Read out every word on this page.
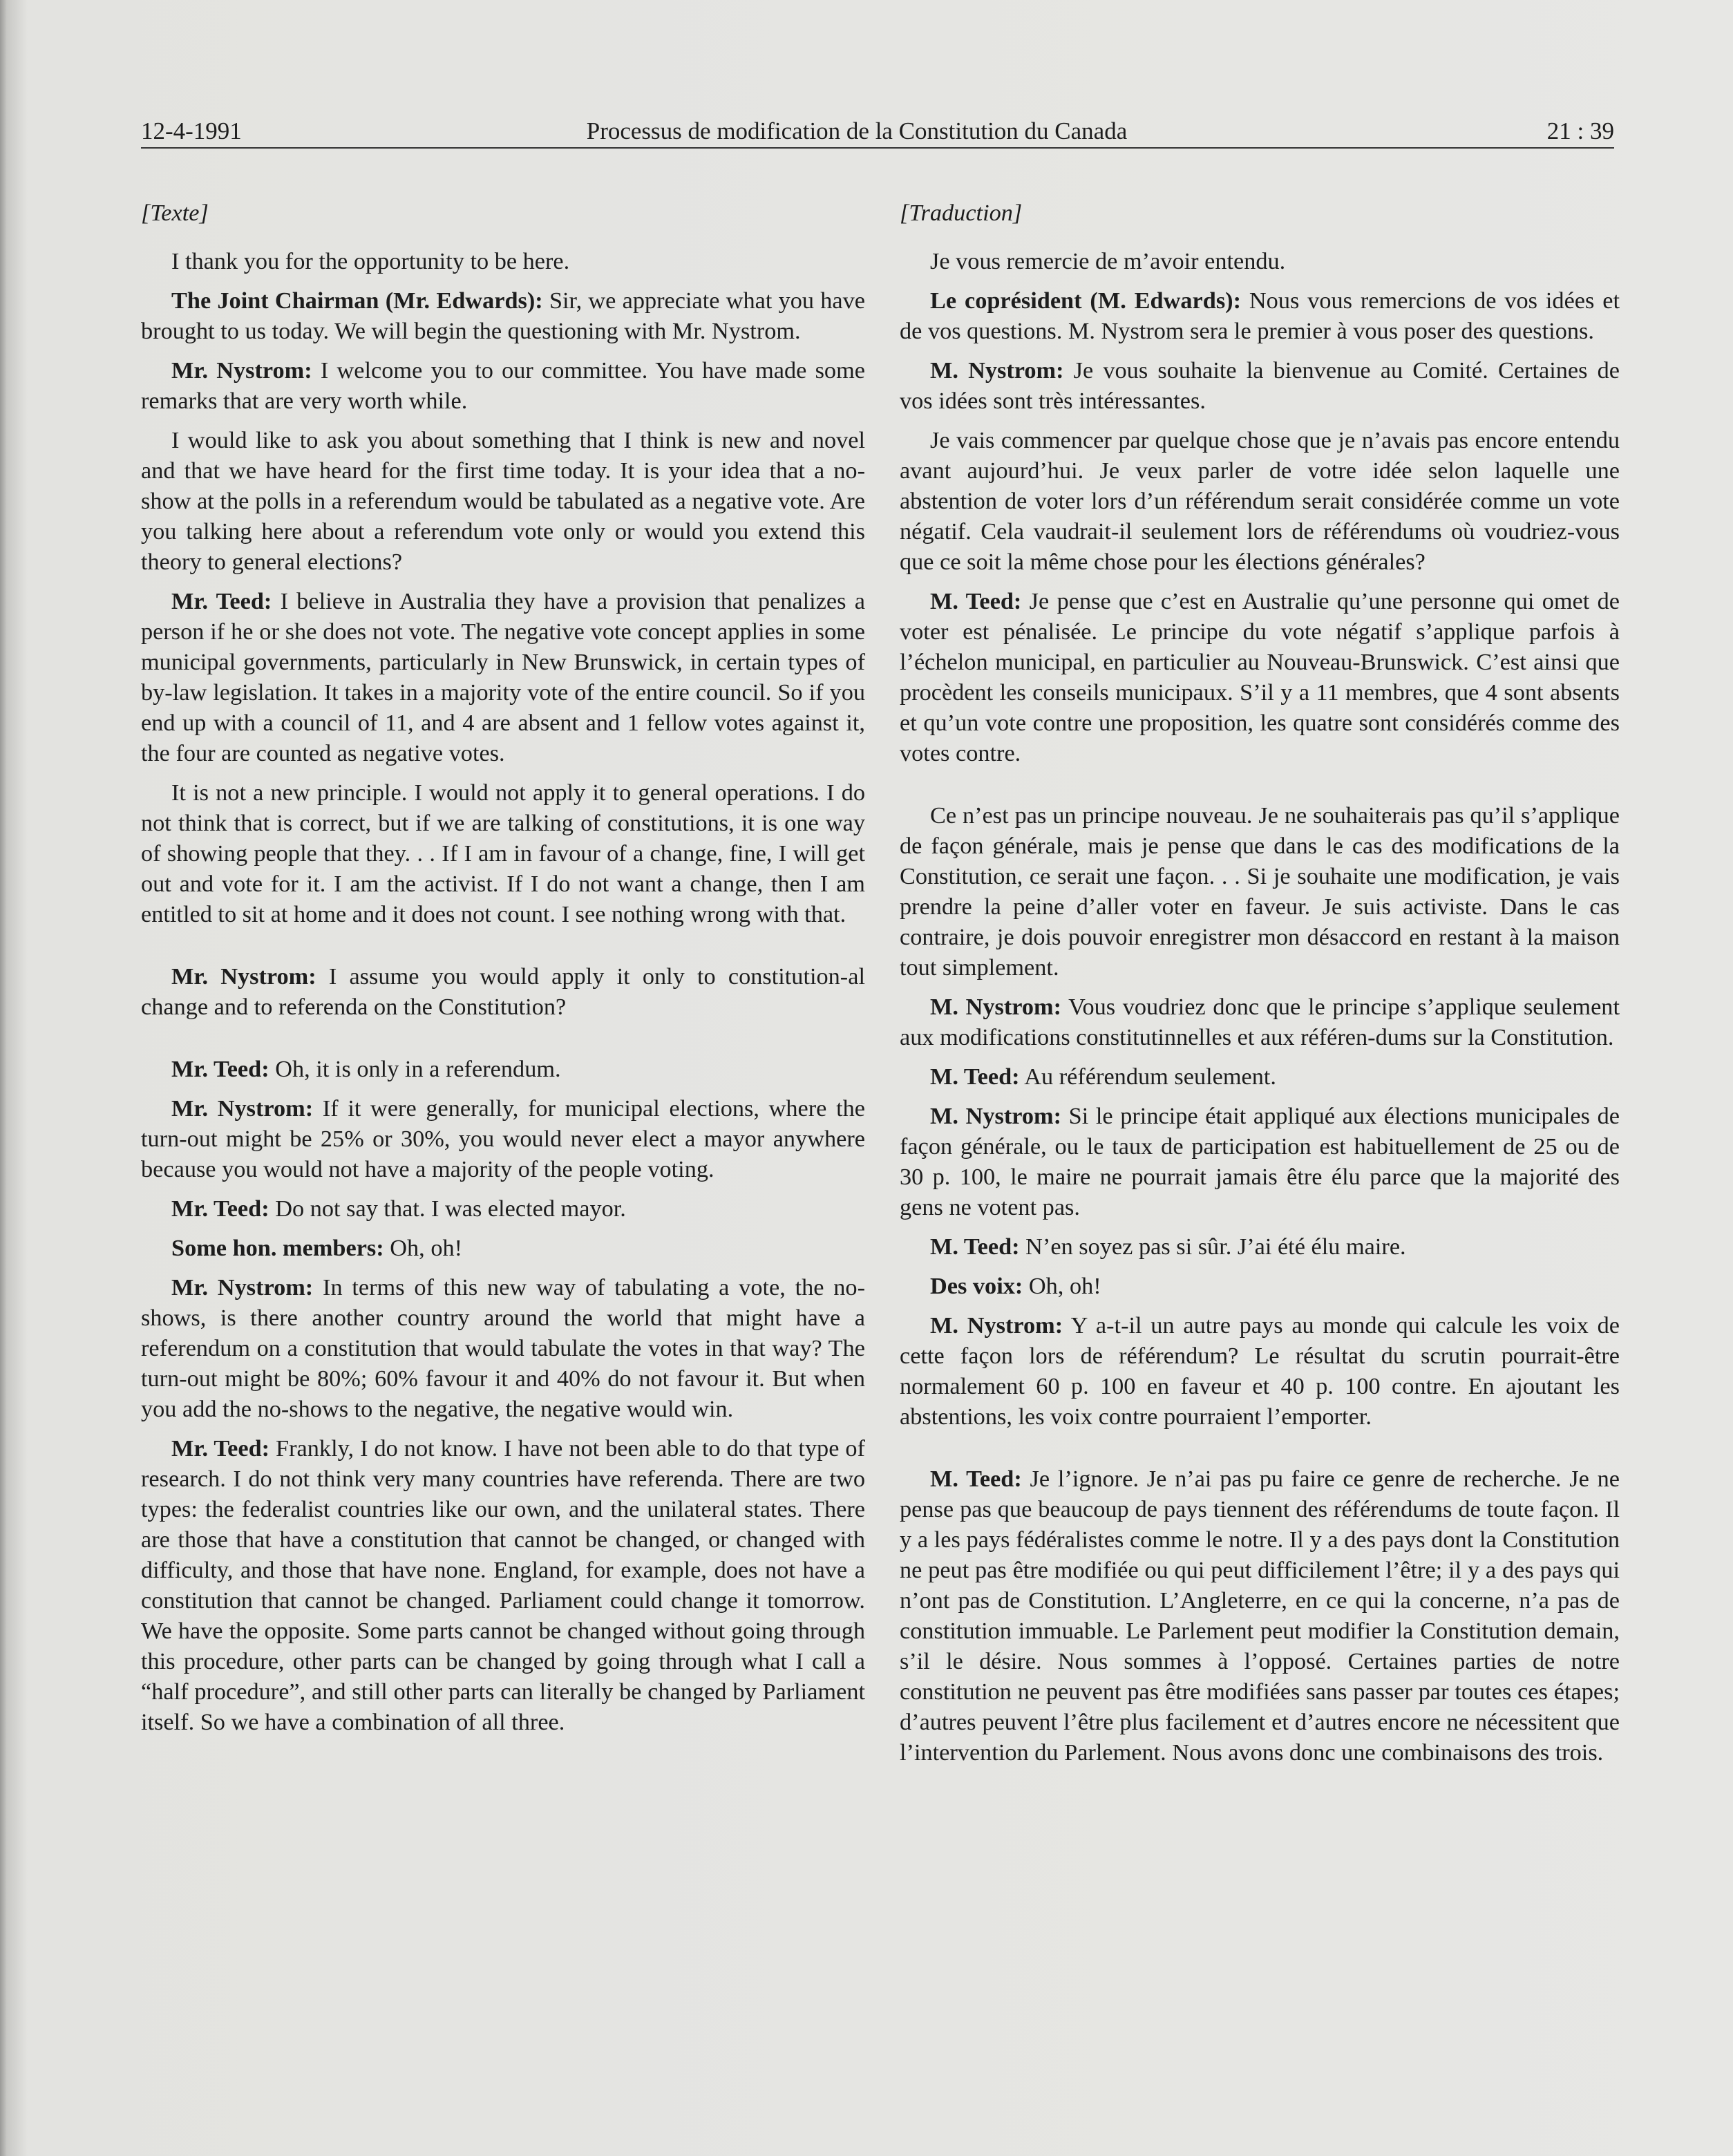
12-4-1991	Processus de modification de la Constitution du Canada	21 : 39

[Texte]

I thank you for the opportunity to be here.

The Joint Chairman (Mr. Edwards): Sir, we appreciate what you have brought to us today. We will begin the questioning with Mr. Nystrom.

Mr. Nystrom: I welcome you to our committee. You have made some remarks that are very worth while.

I would like to ask you about something that I think is new and novel and that we have heard for the first time today. It is your idea that a no-show at the polls in a referendum would be tabulated as a negative vote. Are you talking here about a referendum vote only or would you extend this theory to general elections?

Mr. Teed: I believe in Australia they have a provision that penalizes a person if he or she does not vote. The negative vote concept applies in some municipal governments, particularly in New Brunswick, in certain types of by-law legislation. It takes in a majority vote of the entire council. So if you end up with a council of 11, and 4 are absent and 1 fellow votes against it, the four are counted as negative votes.

It is not a new principle. I would not apply it to general operations. I do not think that is correct, but if we are talking of constitutions, it is one way of showing people that they. . . If I am in favour of a change, fine, I will get out and vote for it. I am the activist. If I do not want a change, then I am entitled to sit at home and it does not count. I see nothing wrong with that.

Mr. Nystrom: I assume you would apply it only to constitution-al change and to referenda on the Constitution?

Mr. Teed: Oh, it is only in a referendum.

Mr. Nystrom: If it were generally, for municipal elections, where the turn-out might be 25% or 30%, you would never elect a mayor anywhere because you would not have a majority of the people voting.

Mr. Teed: Do not say that. I was elected mayor.

Some hon. members: Oh, oh!

Mr. Nystrom: In terms of this new way of tabulating a vote, the no-shows, is there another country around the world that might have a referendum on a constitution that would tabulate the votes in that way? The turn-out might be 80%; 60% favour it and 40% do not favour it. But when you add the no-shows to the negative, the negative would win.

Mr. Teed: Frankly, I do not know. I have not been able to do that type of research. I do not think very many countries have referenda. There are two types: the federalist countries like our own, and the unilateral states. There are those that have a constitution that cannot be changed, or changed with difficulty, and those that have none. England, for example, does not have a constitution that cannot be changed. Parliament could change it tomorrow. We have the opposite. Some parts cannot be changed without going through this procedure, other parts can be changed by going through what I call a “half procedure”, and still other parts can literally be changed by Parliament itself. So we have a combination of all three.

[Traduction]

Je vous remercie de m’avoir entendu.

Le coprésident (M. Edwards): Nous vous remercions de vos idées et de vos questions. M. Nystrom sera le premier à vous poser des questions.

M. Nystrom: Je vous souhaite la bienvenue au Comité. Certaines de vos idées sont très intéressantes.

Je vais commencer par quelque chose que je n’avais pas encore entendu avant aujourd’hui. Je veux parler de votre idée selon laquelle une abstention de voter lors d’un référendum serait considérée comme un vote négatif. Cela vaudrait-il seulement lors de référendums où voudriez-vous que ce soit la même chose pour les élections générales?

M. Teed: Je pense que c’est en Australie qu’une personne qui omet de voter est pénalisée. Le principe du vote négatif s’applique parfois à l’échelon municipal, en particulier au Nouveau-Brunswick. C’est ainsi que procèdent les conseils municipaux. S’il y a 11 membres, que 4 sont absents et qu’un vote contre une proposition, les quatre sont considérés comme des votes contre.

Ce n’est pas un principe nouveau. Je ne souhaiterais pas qu’il s’applique de façon générale, mais je pense que dans le cas des modifications de la Constitution, ce serait une façon. . . Si je souhaite une modification, je vais prendre la peine d’aller voter en faveur. Je suis activiste. Dans le cas contraire, je dois pouvoir enregistrer mon désaccord en restant à la maison tout simplement.

M. Nystrom: Vous voudriez donc que le principe s’applique seulement aux modifications constitutinnelles et aux référen-dums sur la Constitution.

M. Teed: Au référendum seulement.

M. Nystrom: Si le principe était appliqué aux élections municipales de façon générale, ou le taux de participation est habituellement de 25 ou de 30 p. 100, le maire ne pourrait jamais être élu parce que la majorité des gens ne votent pas.

M. Teed: N’en soyez pas si sûr. J’ai été élu maire.

Des voix: Oh, oh!

M. Nystrom: Y a-t-il un autre pays au monde qui calcule les voix de cette façon lors de référendum? Le résultat du scrutin pourrait-être normalement 60 p. 100 en faveur et 40 p. 100 contre. En ajoutant les abstentions, les voix contre pourraient l’emporter.

M. Teed: Je l’ignore. Je n’ai pas pu faire ce genre de recherche. Je ne pense pas que beaucoup de pays tiennent des référendums de toute façon. Il y a les pays fédéralistes comme le notre. Il y a des pays dont la Constitution ne peut pas être modifiée ou qui peut difficilement l’être; il y a des pays qui n’ont pas de Constitution. L’Angleterre, en ce qui la concerne, n’a pas de constitution immuable. Le Parlement peut modifier la Constitution demain, s’il le désire. Nous sommes à l’opposé. Certaines parties de notre constitution ne peuvent pas être modifiées sans passer par toutes ces étapes; d’autres peuvent l’être plus facilement et d’autres encore ne nécessitent que l’intervention du Parlement. Nous avons donc une combinaisons des trois.
